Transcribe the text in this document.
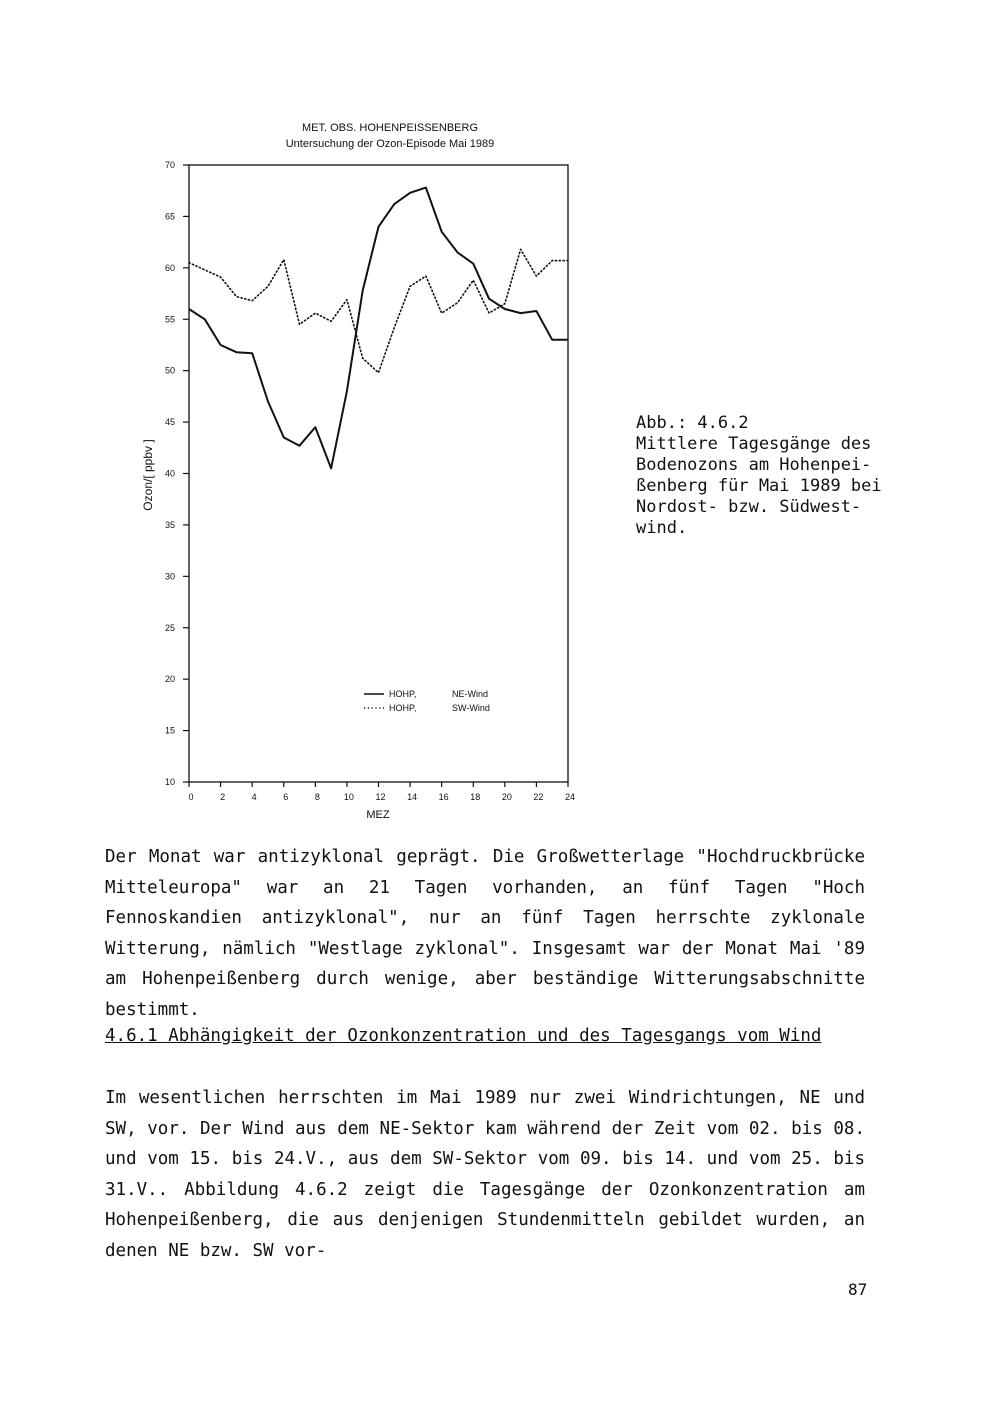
MET. OBS. HOHENPEISSENBERG
Untersuchung der Ozon-Episode Mai 1989
70
65
60
55
50
45
40
35
30
25
20
15
10
0	2	4	6	8	10 12 14 16 18 20 22 24
Ozon/[ ppbv ]
MEZ
HOHP,	NE-Wind
HOHP,	SW-Wind
Abb.: 4.6.2
Mittlere Tagesgänge des
Bodenozons am Hohenpei-
ßenberg für Mai 1989 bei
Nordost- bzw. Südwest-
wind.

Der Monat war antizyklonal geprägt. Die Großwetterlage "Hochdruckbrücke Mitteleuropa" war an 21 Tagen vorhanden, an fünf Tagen "Hoch Fennoskandien antizyklonal", nur an fünf Tagen herrschte zyklonale Witterung, nämlich "Westlage zyklonal". Insgesamt war der Monat Mai '89 am Hohenpeißenberg durch wenige, aber beständige Witterungsabschnitte bestimmt.

4.6.1 Abhängigkeit der Ozonkonzentration und des Tagesgangs vom Wind

Im wesentlichen herrschten im Mai 1989 nur zwei Windrichtungen, NE und SW, vor. Der Wind aus dem NE-Sektor kam während der Zeit vom 02. bis 08. und vom 15. bis 24.V., aus dem SW-Sektor vom 09. bis 14. und vom 25. bis 31.V.. Abbildung 4.6.2 zeigt die Tagesgänge der Ozonkonzentration am Hohenpeißenberg, die aus denjenigen Stundenmitteln gebildet wurden, an denen NE bzw. SW vor-

87
